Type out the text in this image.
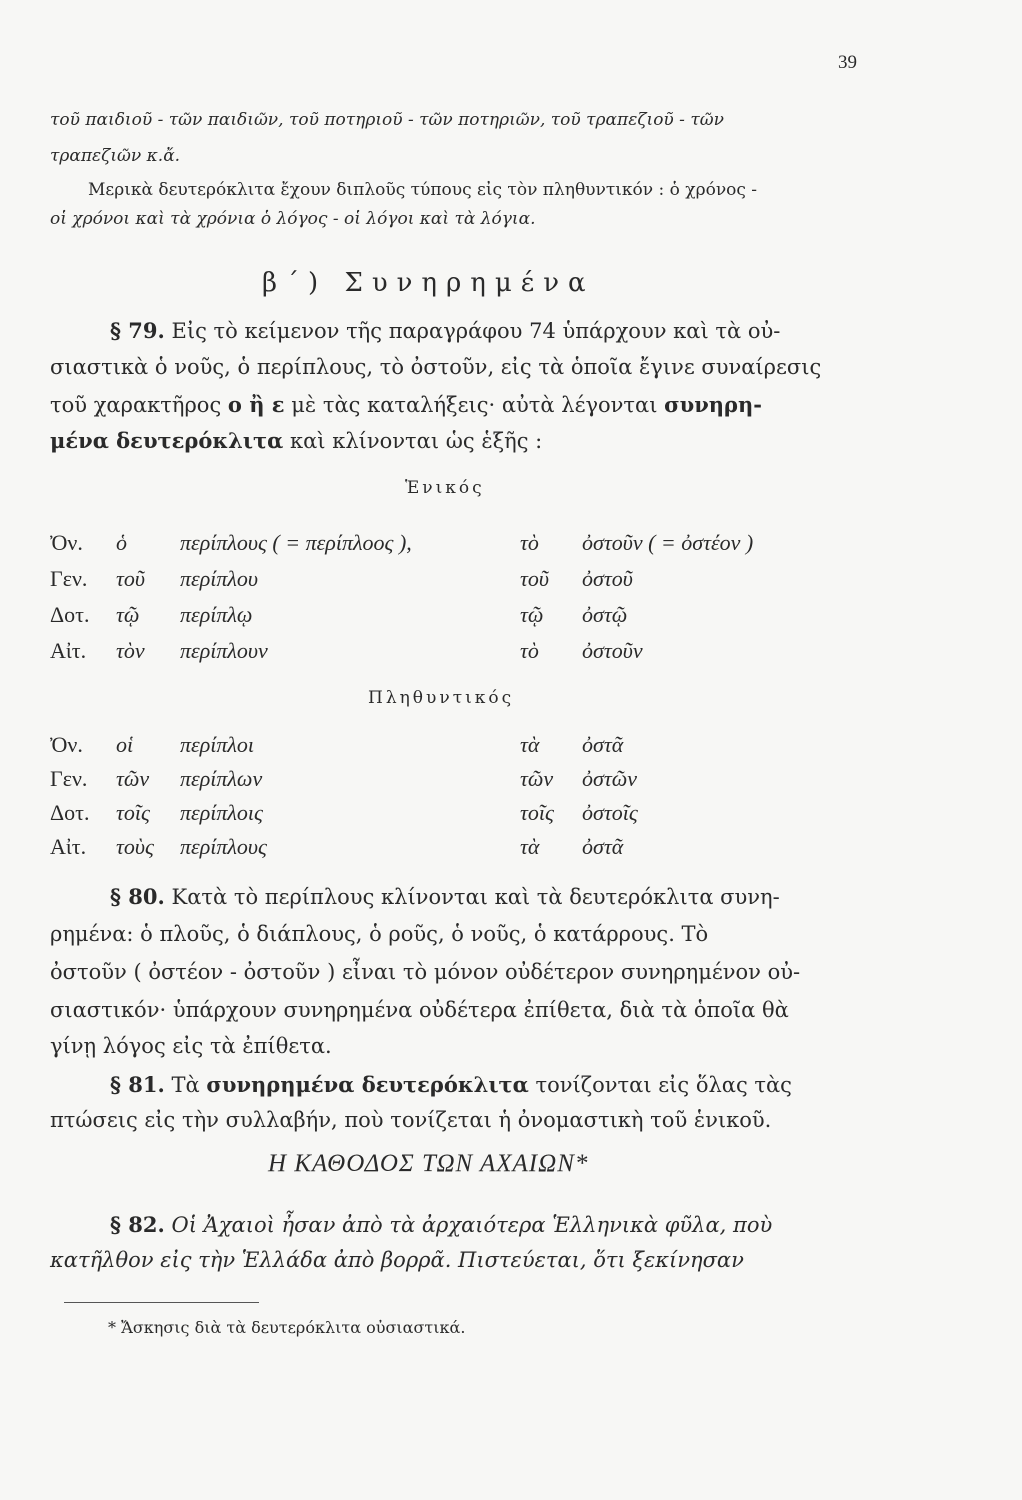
39
τοῦ παιδιοῦ - τῶν παιδιῶν, τοῦ ποτηριοῦ - τῶν ποτηριῶν, τοῦ τραπεζιοῦ - τῶν
τραπεζιῶν κ.ἄ.
Μερικὰ δευτερόκλιτα ἔχουν διπλοῦς τύπους εἰς τὸν πληθυντικόν : ὁ χρόνος -
οἱ χρόνοι καὶ τὰ χρόνια ὁ λόγος - οἱ λόγοι καὶ τὰ λόγια.
β΄) Συνηρημένα
§ 79. Εἰς τὸ κείμενον τῆς παραγράφου 74 ὑπάρχουν καὶ τὰ οὐ-
σιαστικὰ ὁ νοῦς, ὁ περίπλους, τὸ ὀστοῦν, εἰς τὰ ὁποῖα ἔγινε συναίρεσις
τοῦ χαρακτῆρος ο ἢ ε μὲ τὰς καταλήξεις· αὐτὰ λέγονται συνηρη-
μένα δευτερόκλιτα καὶ κλίνονται ὡς ἑξῆς :
Ἑνικός
Ὀν. ὁ περίπλους ( = περίπλοος ),	τὸ ὀστοῦν ( = ὀστέον )
Γεν. τοῦ περίπλου	τοῦ ὀστοῦ
Δοτ. τῷ περίπλῳ	τῷ ὀστῷ
Αἰτ. τὸν περίπλουν	τὸ ὀστοῦν
Πληθυντικός
Ὀν. οἱ περίπλοι	τὰ ὀστᾶ
Γεν. τῶν περίπλων	τῶν ὀστῶν
Δοτ. τοῖς περίπλοις	τοῖς ὀστοῖς
Αἰτ. τοὺς περίπλους	τὰ ὀστᾶ
§ 80. Κατὰ τὸ περίπλους κλίνονται καὶ τὰ δευτερόκλιτα συνη-
ρημένα: ὁ πλοῦς, ὁ διάπλους, ὁ ροῦς, ὁ νοῦς, ὁ κατάρρους. Τὸ
ὀστοῦν ( ὀστέον - ὀστοῦν ) εἶναι τὸ μόνον οὐδέτερον συνηρημένον οὐ-
σιαστικόν· ὑπάρχουν συνηρημένα οὐδέτερα ἐπίθετα, διὰ τὰ ὁποῖα θὰ
γίνῃ λόγος εἰς τὰ ἐπίθετα.
§ 81. Τὰ συνηρημένα δευτερόκλιτα τονίζονται εἰς ὅλας τὰς
πτώσεις εἰς τὴν συλλαβήν, ποὺ τονίζεται ἡ ὀνομαστικὴ τοῦ ἑνικοῦ.
Η ΚΑΘΟΔΟΣ ΤΩΝ ΑΧΑΙΩΝ*
§ 82. Οἱ Ἀχαιοὶ ἦσαν ἀπὸ τὰ ἀρχαιότερα Ἑλληνικὰ φῦλα, ποὺ
κατῆλθον εἰς τὴν Ἑλλάδα ἀπὸ βορρᾶ. Πιστεύεται, ὅτι ξεκίνησαν
* Ἄσκησις διὰ τὰ δευτερόκλιτα οὐσιαστικά.
